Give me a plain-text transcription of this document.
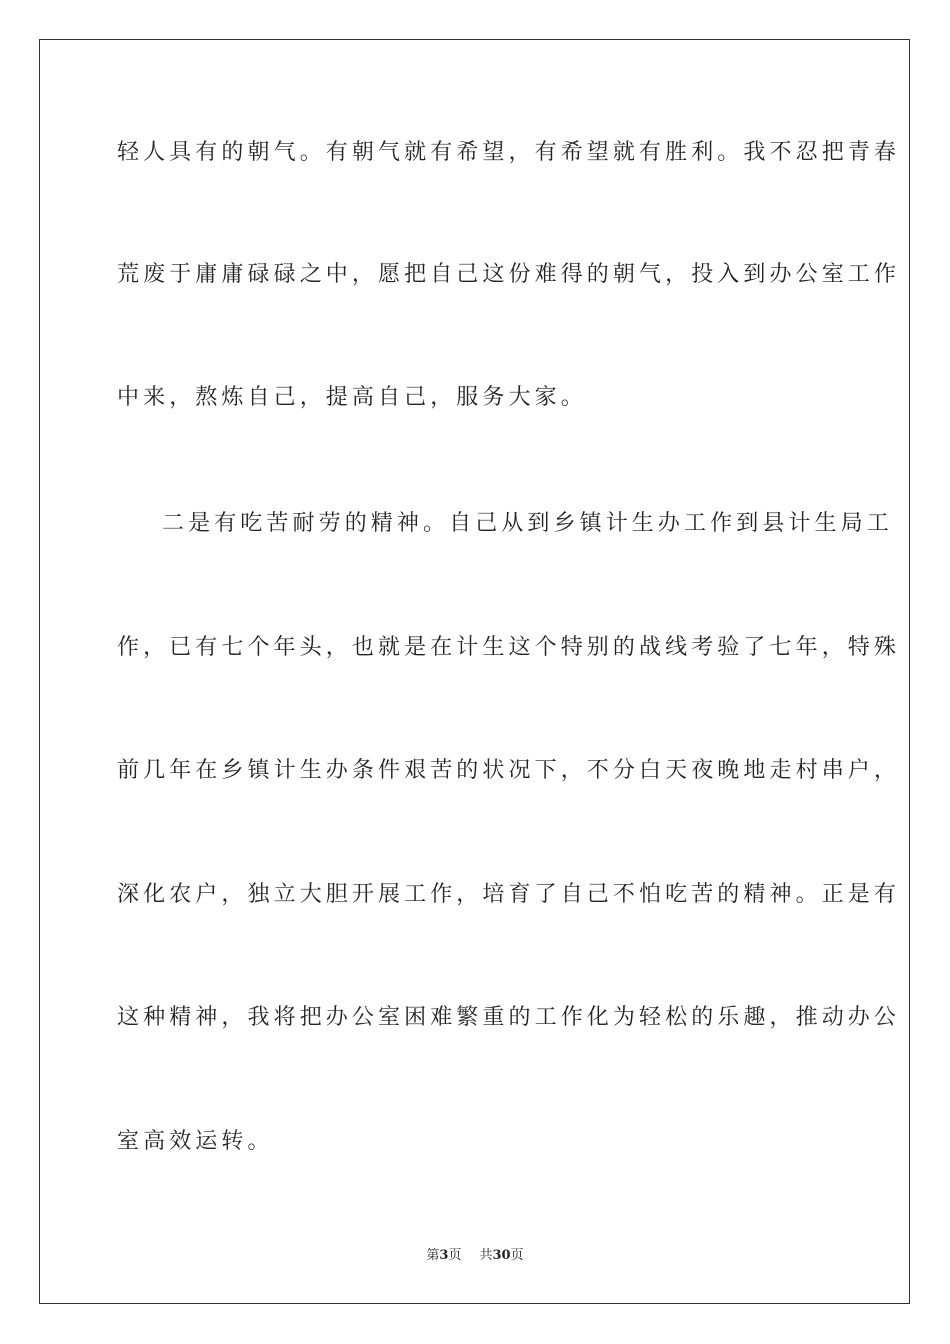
轻人具有的朝气。有朝气就有希望，有希望就有胜利。我不忍把青春
荒废于庸庸碌碌之中，愿把自己这份难得的朝气，投入到办公室工作
中来，熬炼自己，提高自己，服务大家。
二是有吃苦耐劳的精神。自己从到乡镇计生办工作到县计生局工
作，已有七个年头，也就是在计生这个特别的战线考验了七年，特殊
前几年在乡镇计生办条件艰苦的状况下，不分白天夜晚地走村串户，
深化农户，独立大胆开展工作，培育了自己不怕吃苦的精神。正是有
这种精神，我将把办公室困难繁重的工作化为轻松的乐趣，推动办公
室高效运转。
第3页 共30页
